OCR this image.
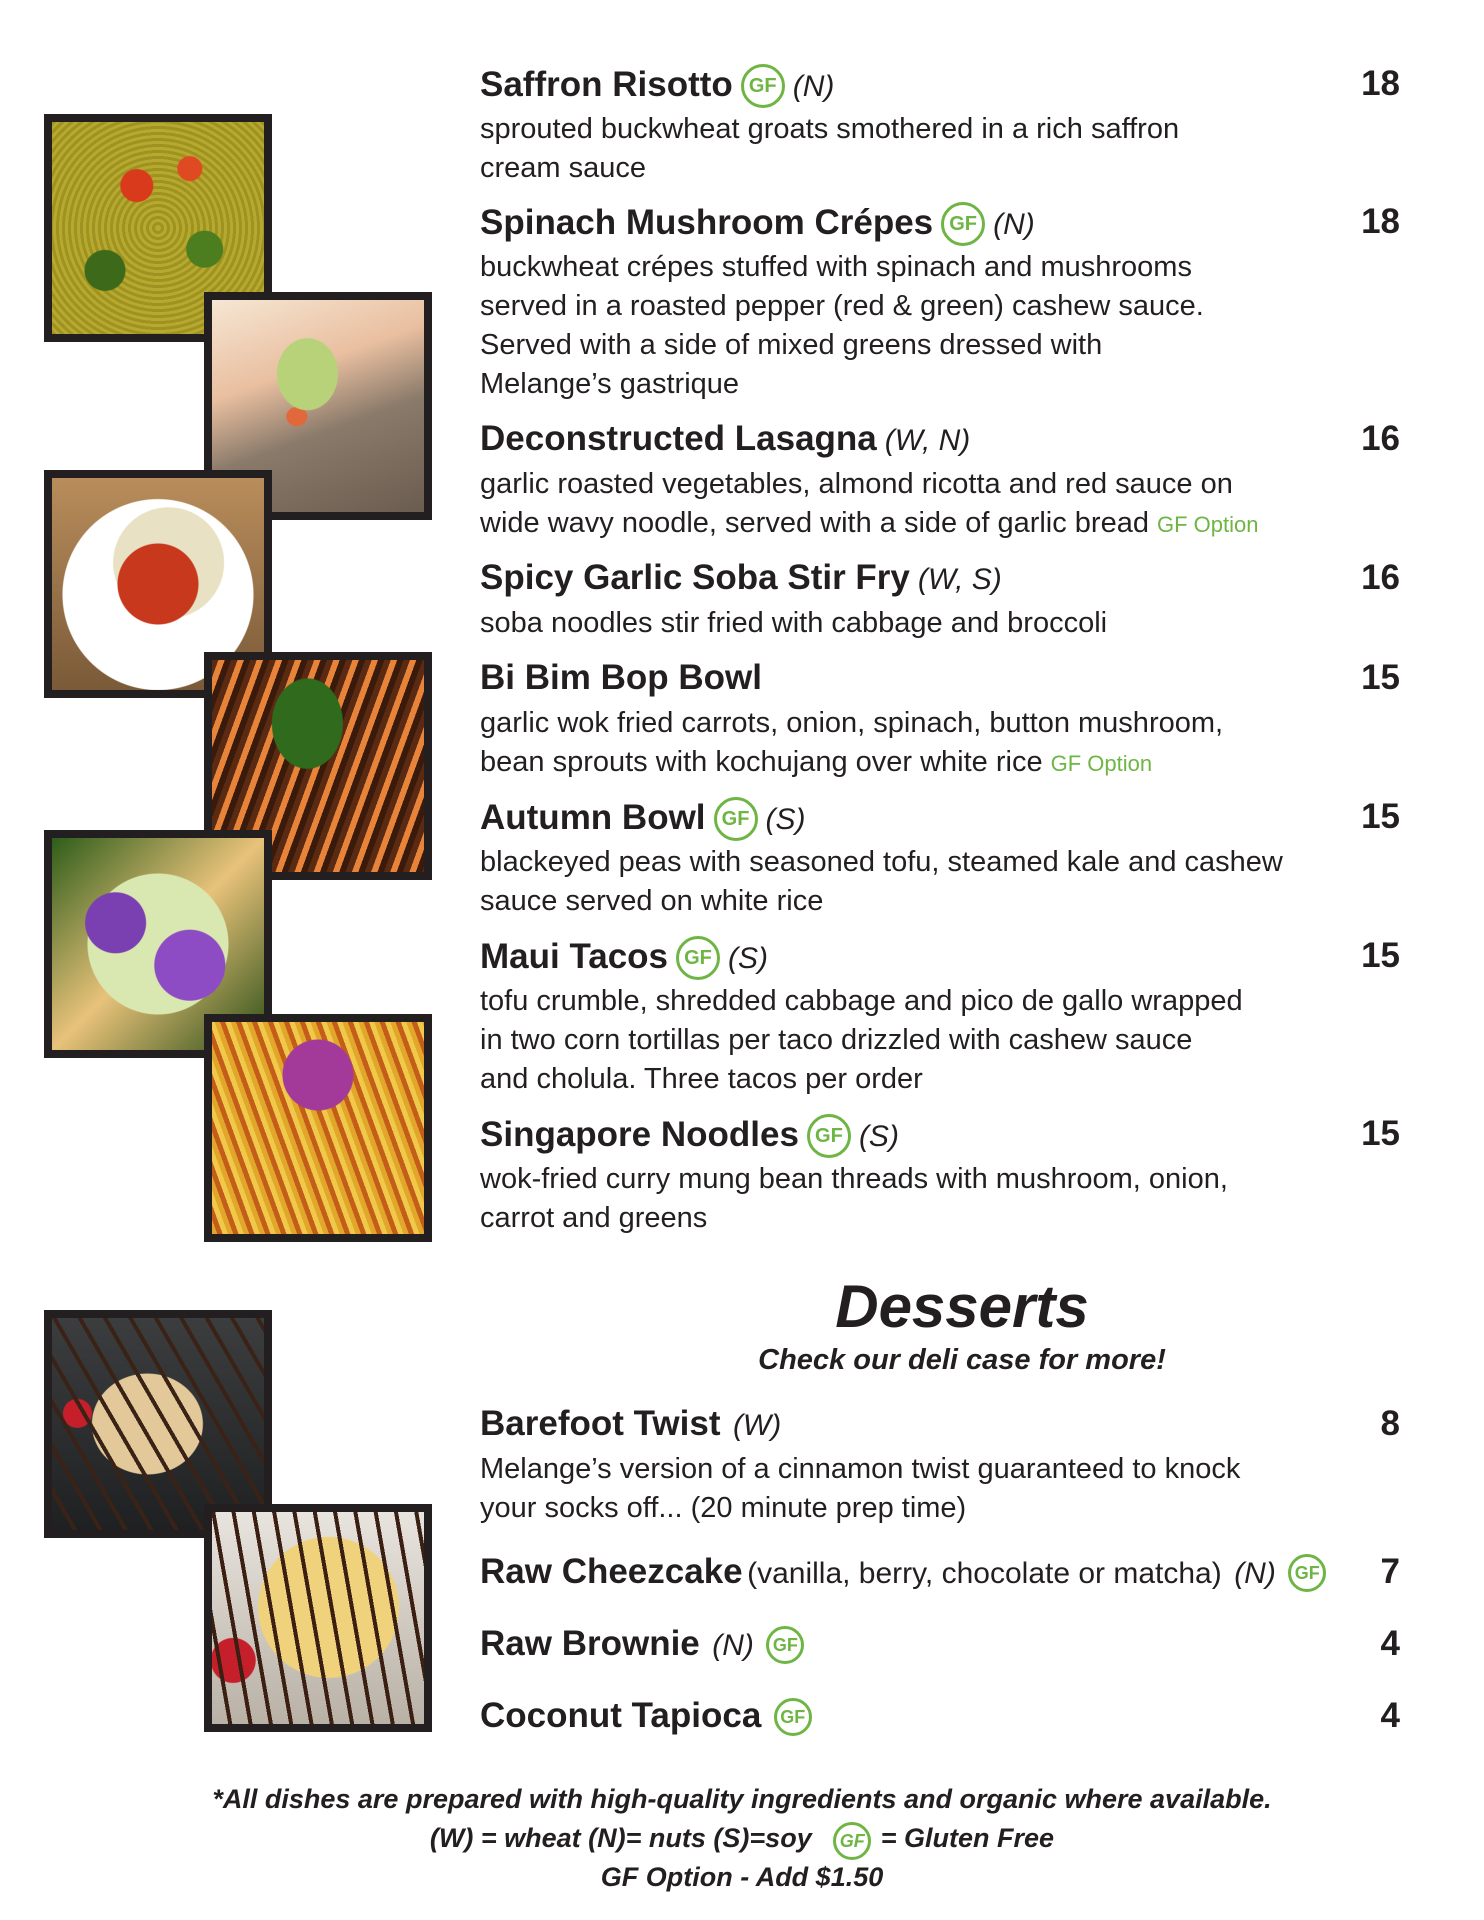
Saffron Risotto GF (N)	18
sprouted buckwheat groats smothered in a rich saffron
cream sauce
Spinach Mushroom Crépes GF (N)	18
buckwheat crépes stuffed with spinach and mushrooms
served in a roasted pepper (red & green) cashew sauce.
Served with a side of mixed greens dressed with
Melange’s gastrique
Deconstructed Lasagna (W, N)	16
garlic roasted vegetables, almond ricotta and red sauce on
wide wavy noodle, served with a side of garlic bread GF Option
Spicy Garlic Soba Stir Fry (W, S)	16
soba noodles stir fried with cabbage and broccoli
Bi Bim Bop Bowl	15
garlic wok fried carrots, onion, spinach, button mushroom,
bean sprouts with kochujang over white rice GF Option
Autumn Bowl GF (S)	15
blackeyed peas with seasoned tofu, steamed kale and cashew
sauce served on white rice
Maui Tacos GF (S)	15
tofu crumble, shredded cabbage and pico de gallo wrapped
in two corn tortillas per taco drizzled with cashew sauce
and cholula. Three tacos per order
Singapore Noodles GF (S)	15
wok-fried curry mung bean threads with mushroom, onion,
carrot and greens
Desserts
Check our deli case for more!
Barefoot Twist (W)	8
Melange’s version of a cinnamon twist guaranteed to knock
your socks off... (20 minute prep time)
Raw Cheezcake (vanilla, berry, chocolate or matcha) (N) GF 7
Raw Brownie (N) GF	4
Coconut Tapioca GF	4
*All dishes are prepared with high-quality ingredients and organic where available.
(W) = wheat (N)= nuts (S)=soy GF = Gluten Free
GF Option - Add $1.50
